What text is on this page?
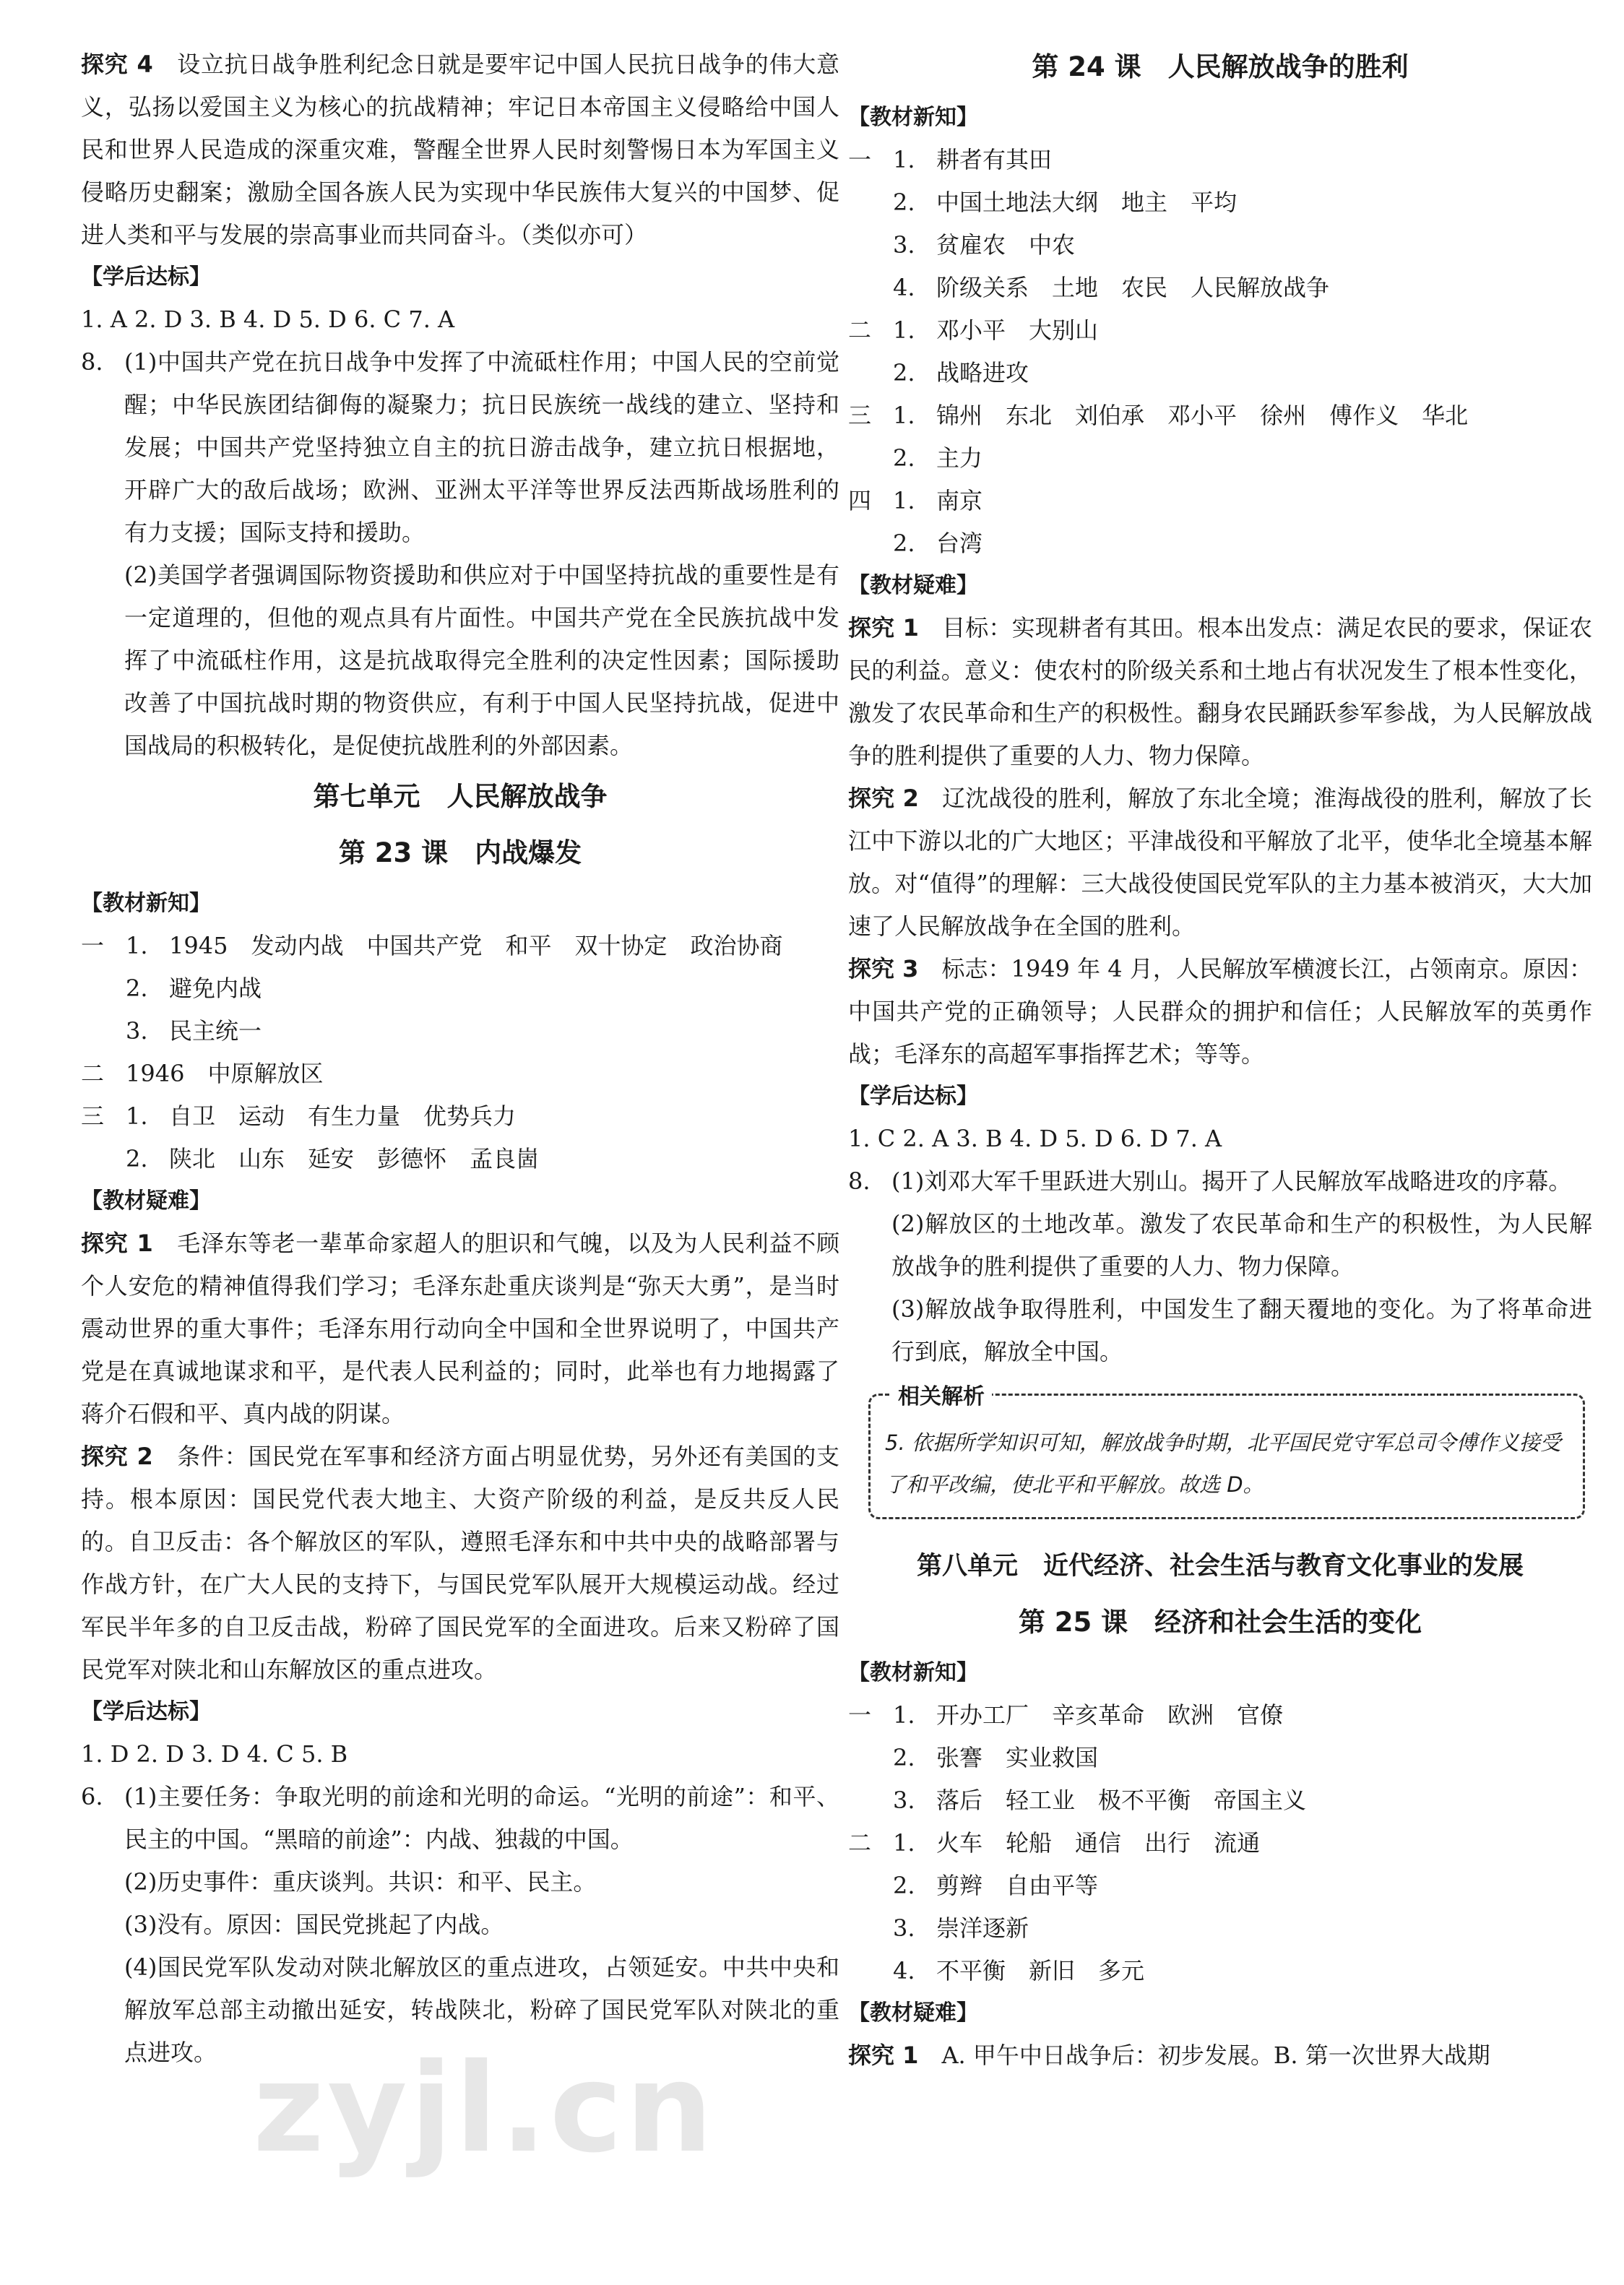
探究 4　 设立抗日战争胜利纪念日就是要牢记中国人民抗日战争的伟大意义，弘扬以爱国主义为核心的抗战精神；牢记日本帝国主义侵略给中国人民和世界人民造成的深重灾难，警醒全世界人民时刻警惕日本为军国主义侵略历史翻案；激励全国各族人民为实现中华民族伟大复兴的中国梦、促进人类和平与发展的崇高事业而共同奋斗。（类似亦可）

【学后达标】

1. A 2. D 3. B 4. D 5. D 6. C 7. A

8. (1)中国共产党在抗日战争中发挥了中流砥柱作用；中国人民的空前觉醒；中华民族团结御侮的凝聚力；抗日民族统一战线的建立、坚持和发展；中国共产党坚持独立自主的抗日游击战争，建立抗日根据地，开辟广大的敌后战场；欧洲、亚洲太平洋等世界反法西斯战场胜利的有力支援；国际支持和援助。

(2)美国学者强调国际物资援助和供应对于中国坚持抗战的重要性是有一定道理的，但他的观点具有片面性。中国共产党在全民族抗战中发挥了中流砥柱作用，这是抗战取得完全胜利的决定性因素；国际援助改善了中国抗战时期的物资供应，有利于中国人民坚持抗战，促进中国战局的积极转化，是促使抗战胜利的外部因素。

第七单元　人民解放战争

第 23 课　内战爆发

【教材新知】

一 1. 1945 发动内战 中国共产党 和平 双十协定 政治协商
2. 避免内战
3. 民主统一
二 1946 中原解放区
三 1. 自卫 运动 有生力量 优势兵力
2. 陕北 山东 延安 彭德怀 孟良崮

【教材疑难】

探究 1　 毛泽东等老一辈革命家超人的胆识和气魄，以及为人民利益不顾个人安危的精神值得我们学习；毛泽东赴重庆谈判是“弥天大勇”，是当时震动世界的重大事件；毛泽东用行动向全中国和全世界说明了，中国共产党是在真诚地谋求和平，是代表人民利益的；同时，此举也有力地揭露了蒋介石假和平、真内战的阴谋。

探究 2　 条件：国民党在军事和经济方面占明显优势，另外还有美国的支持。根本原因：国民党代表大地主、大资产阶级的利益，是反共反人民的。自卫反击：各个解放区的军队，遵照毛泽东和中共中央的战略部署与作战方针，在广大人民的支持下，与国民党军队展开大规模运动战。经过军民半年多的自卫反击战，粉碎了国民党军的全面进攻。后来又粉碎了国民党军对陕北和山东解放区的重点进攻。

【学后达标】

1. D 2. D 3. D 4. C 5. B

6. (1)主要任务：争取光明的前途和光明的命运。“光明的前途”：和平、民主的中国。“黑暗的前途”：内战、独裁的中国。

(2)历史事件：重庆谈判。共识：和平、民主。

(3)没有。原因：国民党挑起了内战。

(4)国民党军队发动对陕北解放区的重点进攻，占领延安。中共中央和解放军总部主动撤出延安，转战陕北，粉碎了国民党军队对陕北的重点进攻。

第 24 课　人民解放战争的胜利

【教材新知】

一 1. 耕者有其田
2. 中国土地法大纲 地主 平均
3. 贫雇农 中农
4. 阶级关系 土地 农民 人民解放战争
二 1. 邓小平 大别山
2. 战略进攻
三 1. 锦州 东北 刘伯承 邓小平 徐州 傅作义 华北
2. 主力
四 1. 南京
2. 台湾

【教材疑难】

探究 1　 目标：实现耕者有其田。根本出发点：满足农民的要求，保证农民的利益。意义：使农村的阶级关系和土地占有状况发生了根本性变化，激发了农民革命和生产的积极性。翻身农民踊跃参军参战，为人民解放战争的胜利提供了重要的人力、物力保障。

探究 2　 辽沈战役的胜利，解放了东北全境；淮海战役的胜利，解放了长江中下游以北的广大地区；平津战役和平解放了北平，使华北全境基本解放。对“值得”的理解：三大战役使国民党军队的主力基本被消灭，大大加速了人民解放战争在全国的胜利。

探究 3　 标志：1949 年 4 月，人民解放军横渡长江，占领南京。原因：中国共产党的正确领导；人民群众的拥护和信任；人民解放军的英勇作战；毛泽东的高超军事指挥艺术；等等。

【学后达标】

1. C 2. A 3. B 4. D 5. D 6. D 7. A

8. (1)刘邓大军千里跃进大别山。揭开了人民解放军战略进攻的序幕。

(2)解放区的土地改革。激发了农民革命和生产的积极性，为人民解放战争的胜利提供了重要的人力、物力保障。

(3)解放战争取得胜利，中国发生了翻天覆地的变化。为了将革命进行到底，解放全中国。

相关解析

5. 依据所学知识可知，解放战争时期，北平国民党守军总司令傅作义接受了和平改编，使北平和平解放。故选 D。

第八单元　近代经济、社会生活与教育文化事业的发展

第 25 课　经济和社会生活的变化

【教材新知】

一 1. 开办工厂 辛亥革命 欧洲 官僚
2. 张謇 实业救国
3. 落后 轻工业 极不平衡 帝国主义
二 1. 火车 轮船 通信 出行 流通
2. 剪辫 自由平等
3. 崇洋逐新
4. 不平衡 新旧 多元

【教材疑难】

探究 1　 A. 甲午中日战争后：初步发展。B. 第一次世界大战期

zyjl.cn
